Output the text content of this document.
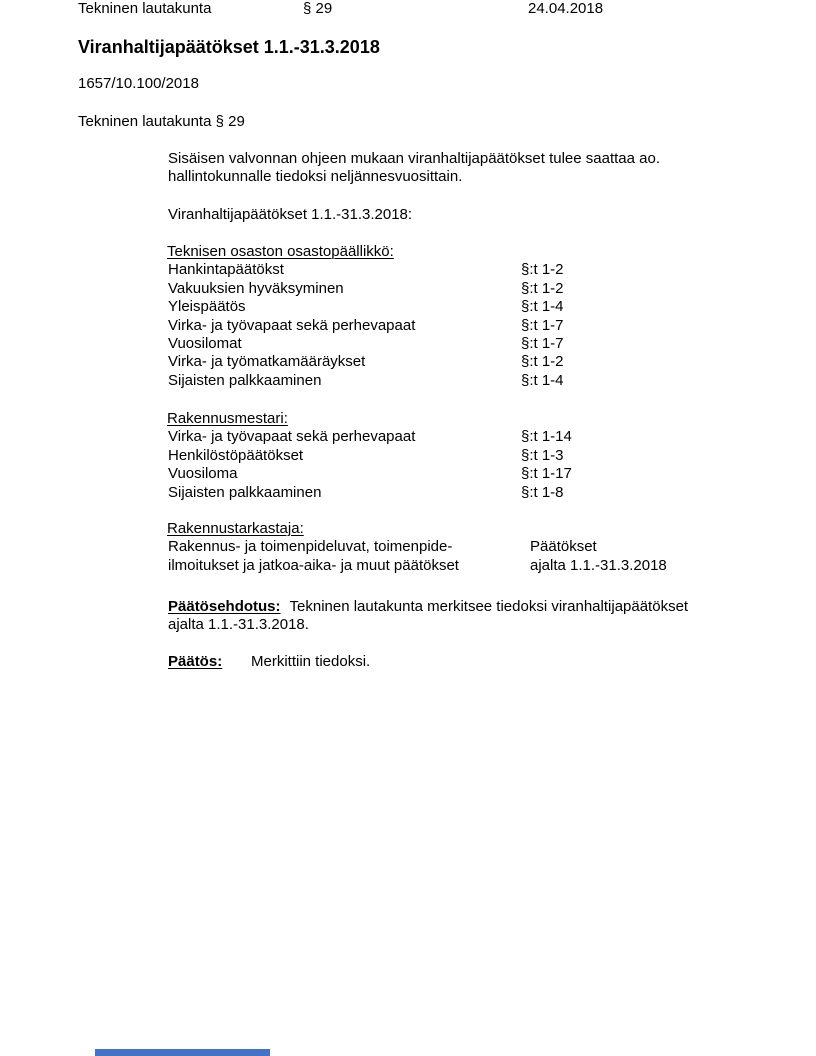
Tekninen lautakunta	§ 29	24.04.2018
Viranhaltijapäätökset 1.1.-31.3.2018
1657/10.100/2018
Tekninen lautakunta § 29
Sisäisen valvonnan ohjeen mukaan viranhaltijapäätökset tulee saattaa ao.
hallintokunnalle tiedoksi neljännesvuosittain.
Viranhaltijapäätökset 1.1.-31.3.2018:
Teknisen osaston osastopäällikkö:
Hankintapäätökst	§:t 1-2
Vakuuksien hyväksyminen	§:t 1-2
Yleispäätös	§:t 1-4
Virka- ja työvapaat sekä perhevapaat	§:t 1-7
Vuosilomat	§:t 1-7
Virka- ja työmatkamääräykset	§:t 1-2
Sijaisten palkkaaminen	§:t 1-4
Rakennusmestari:
Virka- ja työvapaat sekä perhevapaat	§:t 1-14
Henkilöstöpäätökset	§:t 1-3
Vuosiloma	§:t 1-17
Sijaisten palkkaaminen	§:t 1-8
Rakennustarkastaja:
Rakennus- ja toimenpideluvat, toimenpide-	Päätökset
ilmoitukset ja jatkoa-aika- ja muut päätökset	ajalta 1.1.-31.3.2018
Päätösehdotus: Tekninen lautakunta merkitsee tiedoksi viranhaltijapäätökset
ajalta 1.1.-31.3.2018.
Päätös: Merkittiin tiedoksi.
